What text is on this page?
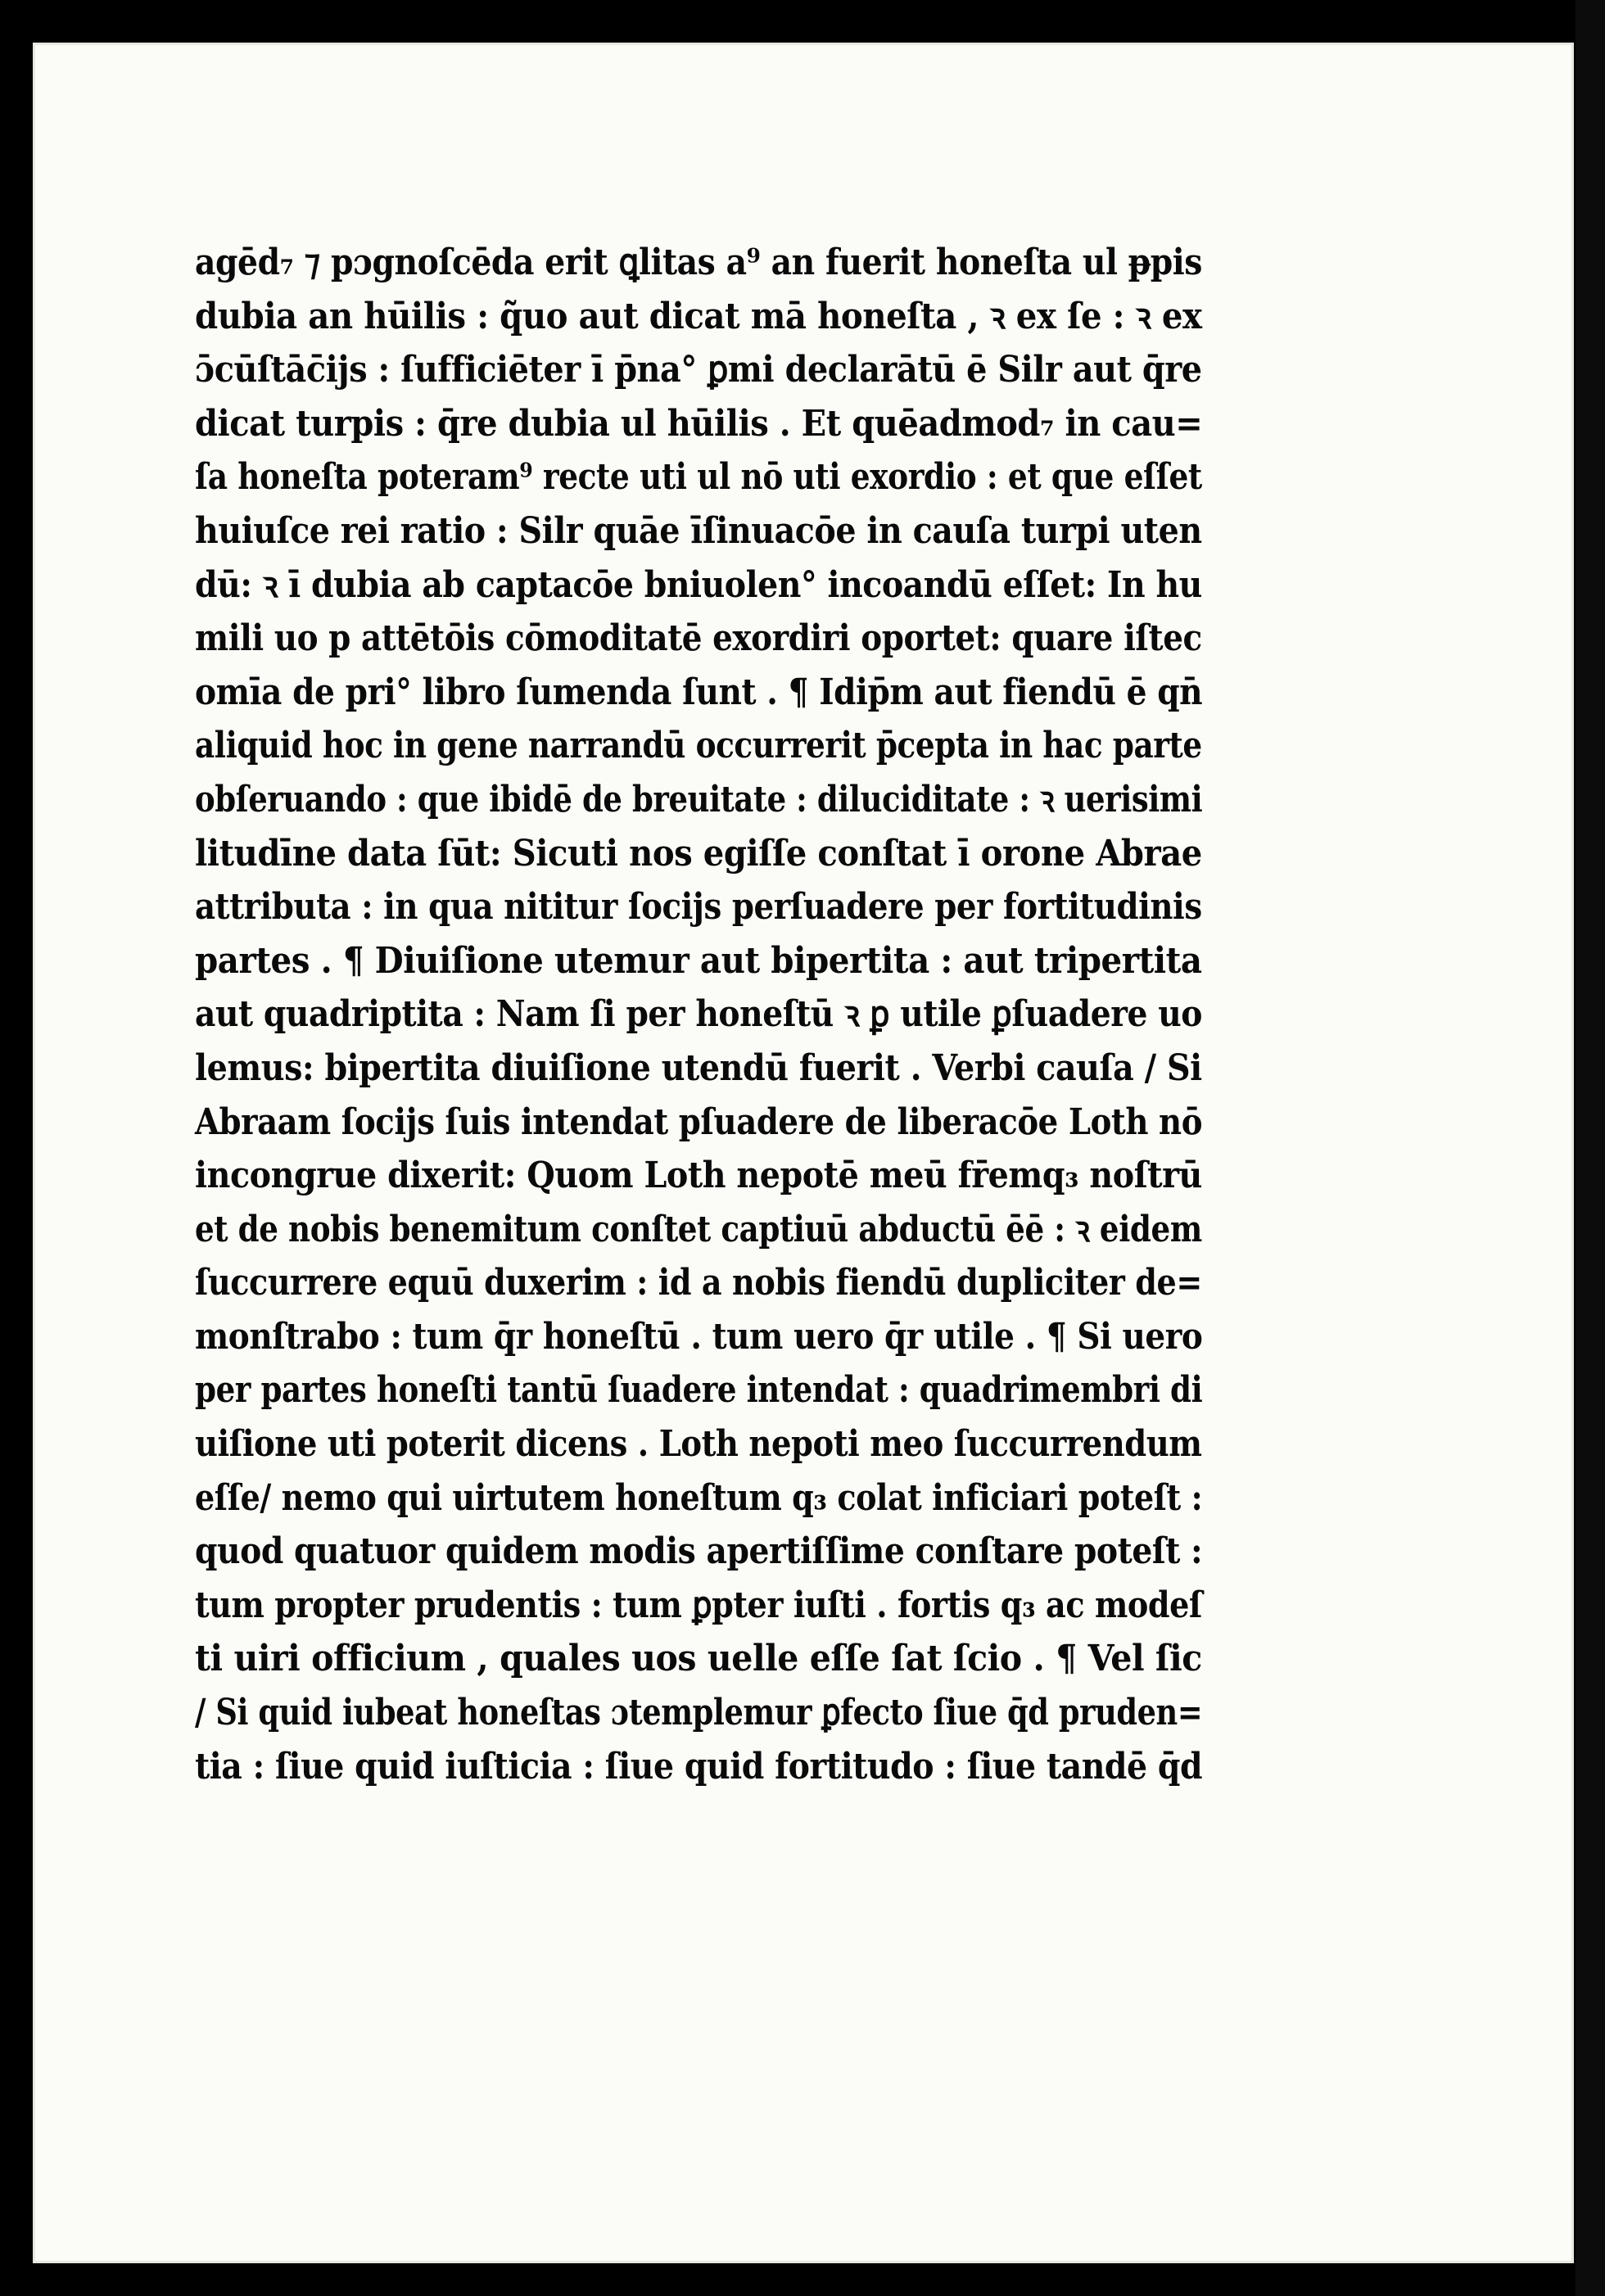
agēd₇ ⁊ pɔgnoſcēda erit ꝗlitas a⁹ an fuerit honeſta ul ᵽpis
dubia an hūilis : q̃uo aut dicat mā honeſta , ꝛ ex ſe : ꝛ ex
ɔ̄cūſtāc̄ijs : ſufficiēter ī p̄na° ꝑmi declarātū ē Silr aut q̄re
dicat turpis : q̄re dubia ul hūilis . Et quēadmod₇ in cau=
ſa honeſta poteram⁹ recte uti ul nō uti exordio : et que eſſet
huiuſce rei ratio : Silr quāe īſinuacōe in cauſa turpi uten
dū: ꝛ ī dubia ab captacōe bniuolen° incoandū eſſet: In hu
mili uo p attētōis cōmoditatē exordiri oportet: quare iſtec
omīa de pri° libro ſumenda ſunt . ¶ Idip̄m aut fiendū ē qn̄
aliquid hoc in gene narrandū occurrerit p̄cepta in hac parte
obſeruando : que ibidē de breuitate : diluciditate : ꝛ uerisimi
litudīne data ſūt: Sicuti nos egiſſe conſtat ī orone Abrae
attributa : in qua nititur ſocijs perſuadere per fortitudinis
partes . ¶ Diuiſione utemur aut bipertita : aut tripertita
aut quadriptita : Nam ſi per honeſtū ꝛ ꝑ utile ꝑſuadere uo
lemus: bipertita diuiſione utendū fuerit . Verbi cauſa / Si
Abraam ſocijs ſuis intendat pſuadere de liberacōe Loth nō
incongrue dixerit: Quom Loth nepotē meū fr̄emq₃ noſtrū
et de nobis benemitum conſtet captiuū abductū ēē : ꝛ eidem
ſuccurrere equū duxerim : id a nobis fiendū dupliciter de=
monſtrabo : tum q̄r honeſtū . tum uero q̄r utile . ¶ Si uero
per partes honeſti tantū ſuadere intendat : quadrimembri di
uiſione uti poterit dicens . Loth nepoti meo ſuccurrendum
eſſe/ nemo qui uirtutem honeſtum q₃ colat inficiari poteſt :
quod quatuor quidem modis apertiſſime conſtare poteſt :
tum propter prudentis : tum ꝑpter iuſti . fortis q₃ ac modeſ
ti uiri officium , quales uos uelle eſſe ſat ſcio . ¶ Vel ſic
/ Si quid iubeat honeſtas ɔtemplemur ꝑfecto ſiue q̄d pruden=
tia : ſiue quid iuſticia : ſiue quid fortitudo : ſiue tandē q̄d
